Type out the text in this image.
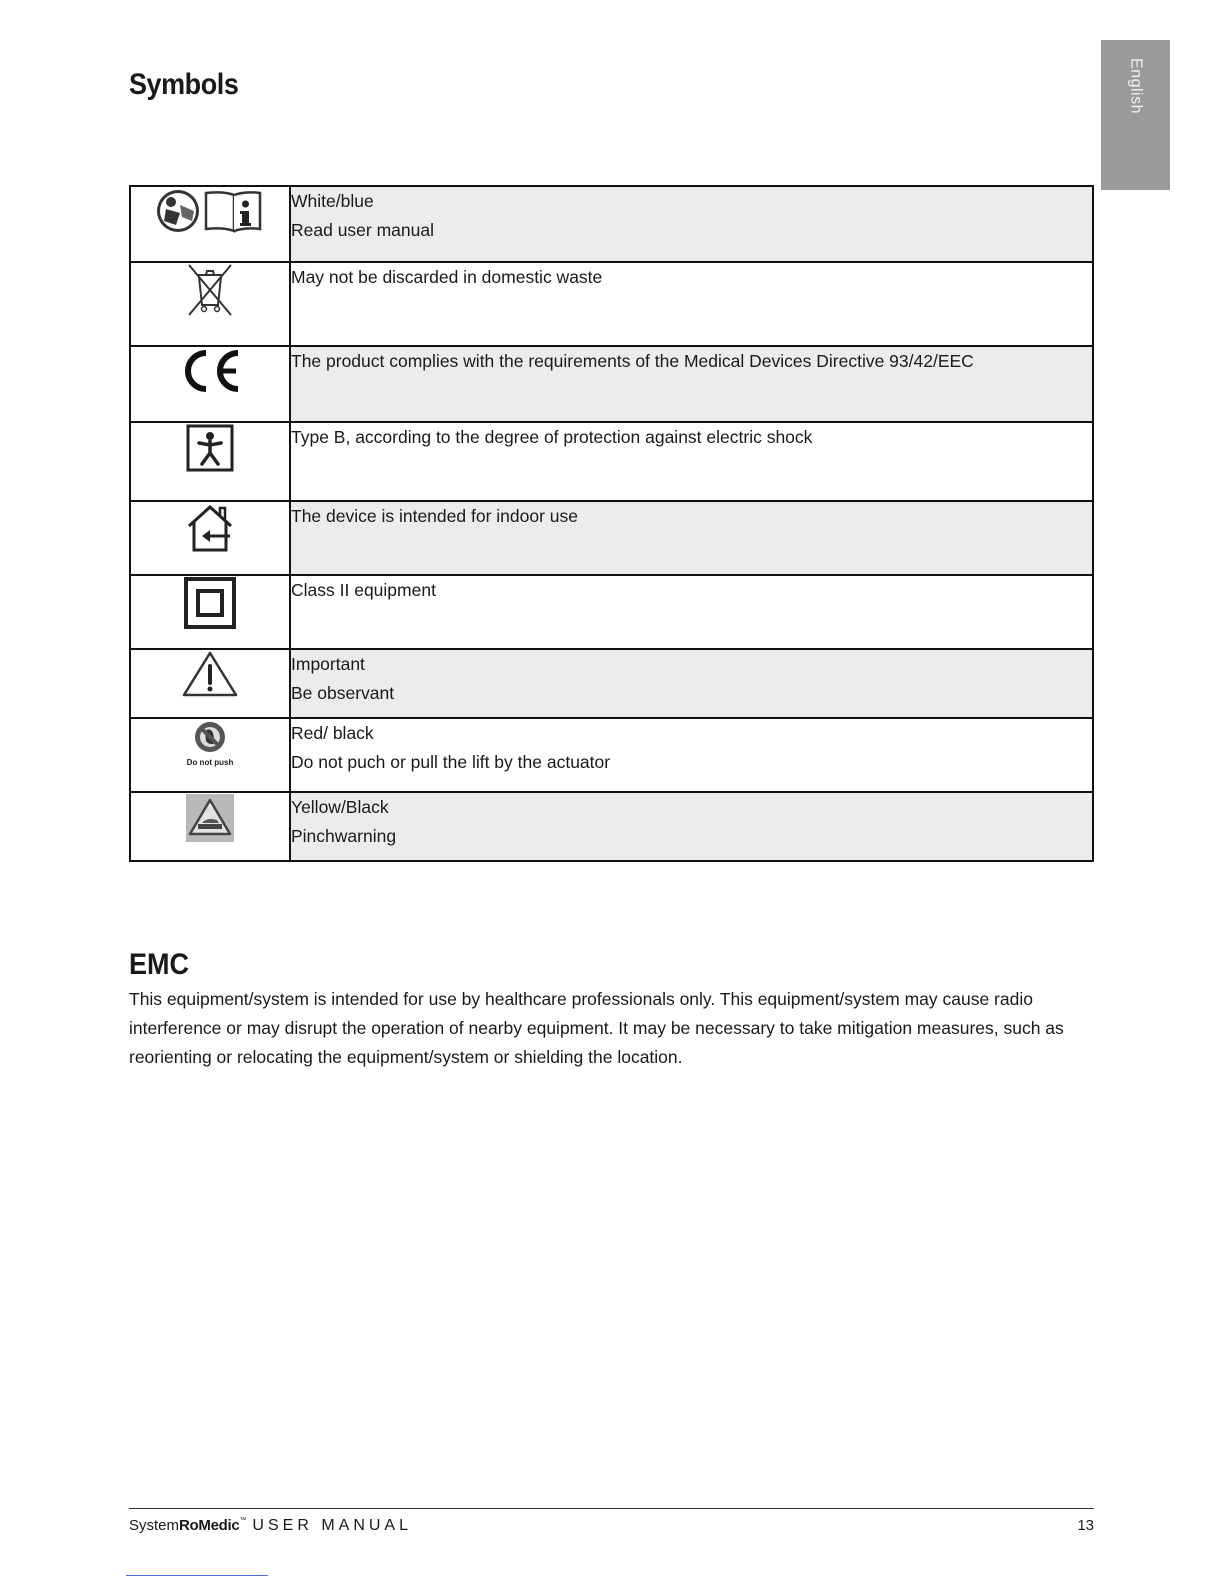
English
Symbols

White/blue
Read user manual

May not be discarded in domestic waste

The product complies with the requirements of the Medical Devices Directive 93/42/EEC

Type B, according to the degree of protection against electric shock

The device is intended for indoor use

Class II equipment

Important
Be observant

Do not push	Red/ black
Do not puch or pull the lift by the actuator

Yellow/Black
Pinchwarning
EMC

This equipment/system is intended for use by healthcare professionals only. This equipment/system may cause radio interference or may disrupt the operation of nearby equipment. It may be necessary to take mitigation measures, such as reorienting or relocating the equipment/system or shielding the location.

SystemRoMedic™ USER MANUAL	13
